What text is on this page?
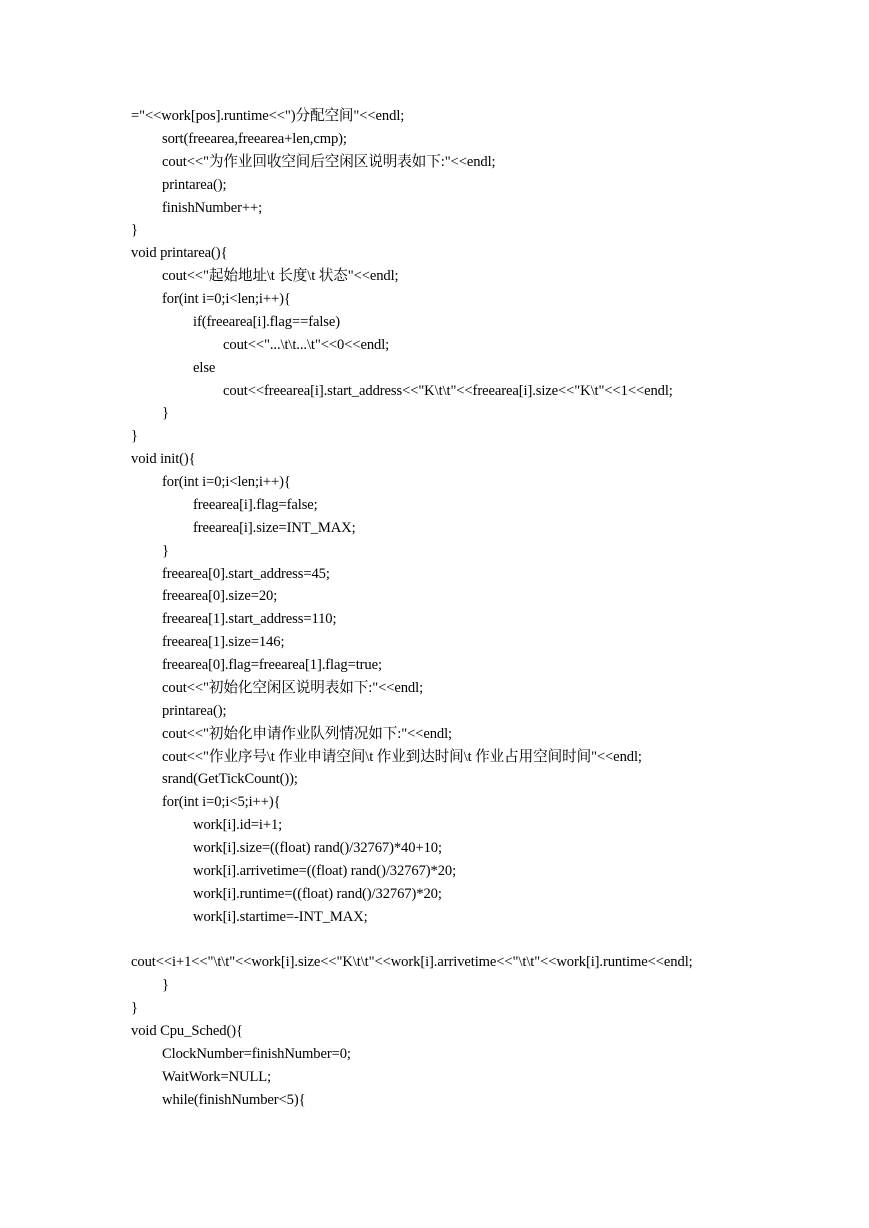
="<<work[pos].runtime<<")分配空间"<<endl;
sort(freearea,freearea+len,cmp);
cout<<"为作业回收空间后空闲区说明表如下:"<<endl;
printarea();
finishNumber++;
}
void printarea(){
cout<<"起始地址\t 长度\t 状态"<<endl;
for(int i=0;i<len;i++){
if(freearea[i].flag==false)
cout<<"...\t\t...\t"<<0<<endl;
else
cout<<freearea[i].start_address<<"K\t\t"<<freearea[i].size<<"K\t"<<1<<endl;
}
}
void init(){
for(int i=0;i<len;i++){
freearea[i].flag=false;
freearea[i].size=INT_MAX;
}
freearea[0].start_address=45;
freearea[0].size=20;
freearea[1].start_address=110;
freearea[1].size=146;
freearea[0].flag=freearea[1].flag=true;
cout<<"初始化空闲区说明表如下:"<<endl;
printarea();
cout<<"初始化申请作业队列情况如下:"<<endl;
cout<<"作业序号\t 作业申请空间\t 作业到达时间\t 作业占用空间时间"<<endl;
srand(GetTickCount());
for(int i=0;i<5;i++){
work[i].id=i+1;
work[i].size=((float) rand()/32767)*40+10;
work[i].arrivetime=((float) rand()/32767)*20;
work[i].runtime=((float) rand()/32767)*20;
work[i].startime=-INT_MAX;
cout<<i+1<<"\t\t"<<work[i].size<<"K\t\t"<<work[i].arrivetime<<"\t\t"<<work[i].runtime<<endl;
}
}
void Cpu_Sched(){
ClockNumber=finishNumber=0;
WaitWork=NULL;
while(finishNumber<5){
